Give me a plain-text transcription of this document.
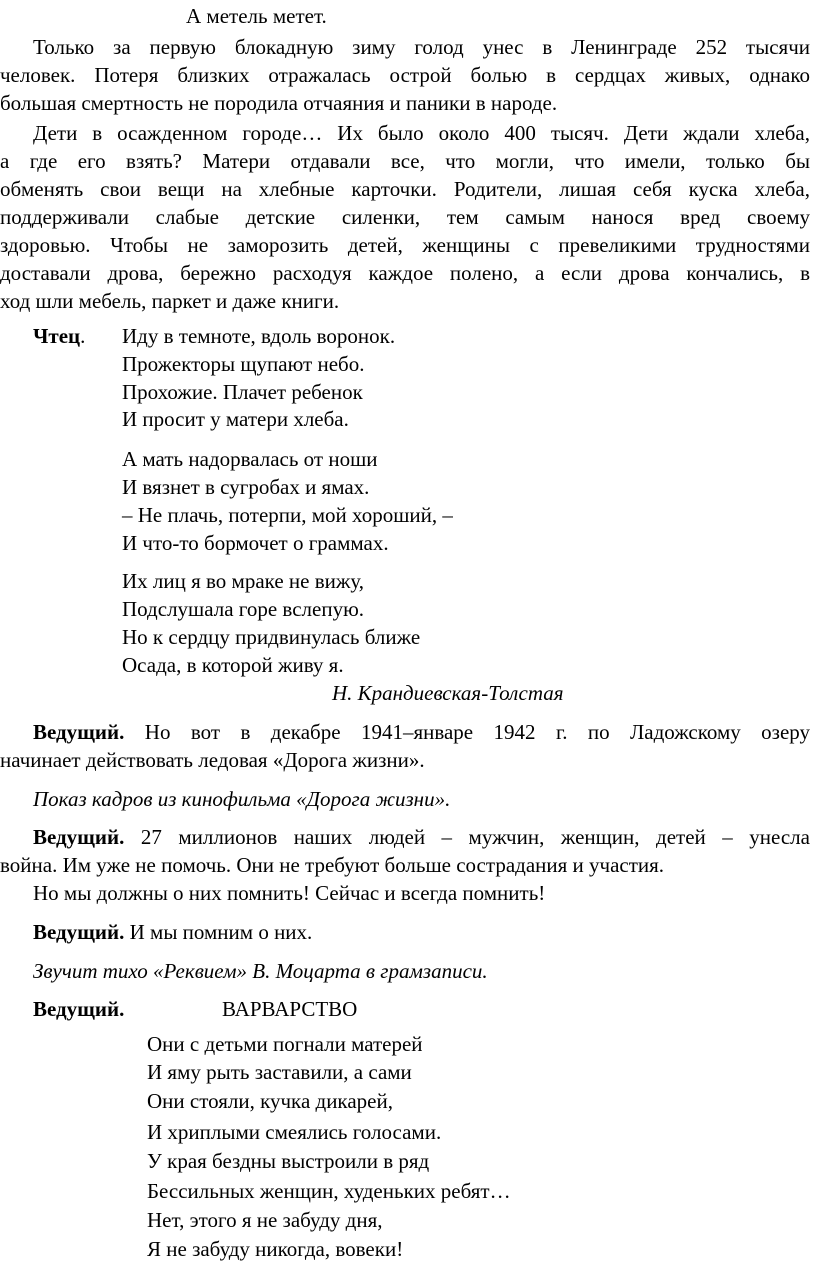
А метель метет.
Только за первую блокадную зиму голод унес в Ленинграде 252 тысячи
человек. Потеря близких отражалась острой болью в сердцах живых, однако
большая смертность не породила отчаяния и паники в народе.
Дети в осажденном городе… Их было около 400 тысяч. Дети ждали хлеба,
а где его взять? Матери отдавали все, что могли, что имели, только бы
обменять свои вещи на хлебные карточки. Родители, лишая себя куска хлеба,
поддерживали слабые детские силенки, тем самым нанося вред своему
здоровью. Чтобы не заморозить детей, женщины с превеликими трудностями
доставали дрова, бережно расходуя каждое полено, а если дрова кончались, в
ход шли мебель, паркет и даже книги.
Чтец. Иду в темноте, вдоль воронок.
Прожекторы щупают небо.
Прохожие. Плачет ребенок
И просит у матери хлеба.
А мать надорвалась от ноши
И вязнет в сугробах и ямах.
– Не плачь, потерпи, мой хороший, –
И что-то бормочет о граммах.
Их лиц я во мраке не вижу,
Подслушала горе вслепую.
Но к сердцу придвинулась ближе
Осада, в которой живу я.
Н. Крандиевская-Толстая
Ведущий. Но вот в декабре 1941–январе 1942 г. по Ладожскому озеру
начинает действовать ледовая «Дорога жизни».
Показ кадров из кинофильма «Дорога жизни».
Ведущий. 27 миллионов наших людей – мужчин, женщин, детей – унесла
война. Им уже не помочь. Они не требуют больше сострадания и участия.
Но мы должны о них помнить! Сейчас и всегда помнить!
Ведущий. И мы помним о них.
Звучит тихо «Реквием» В. Моцарта в грамзаписи.
Ведущий.	ВАРВАРСТВО
Они с детьми погнали матерей
И яму рыть заставили, а сами
Они стояли, кучка дикарей,
И хриплыми смеялись голосами.
У края бездны выстроили в ряд
Бессильных женщин, худеньких ребят…
Нет, этого я не забуду дня,
Я не забуду никогда, вовеки!
